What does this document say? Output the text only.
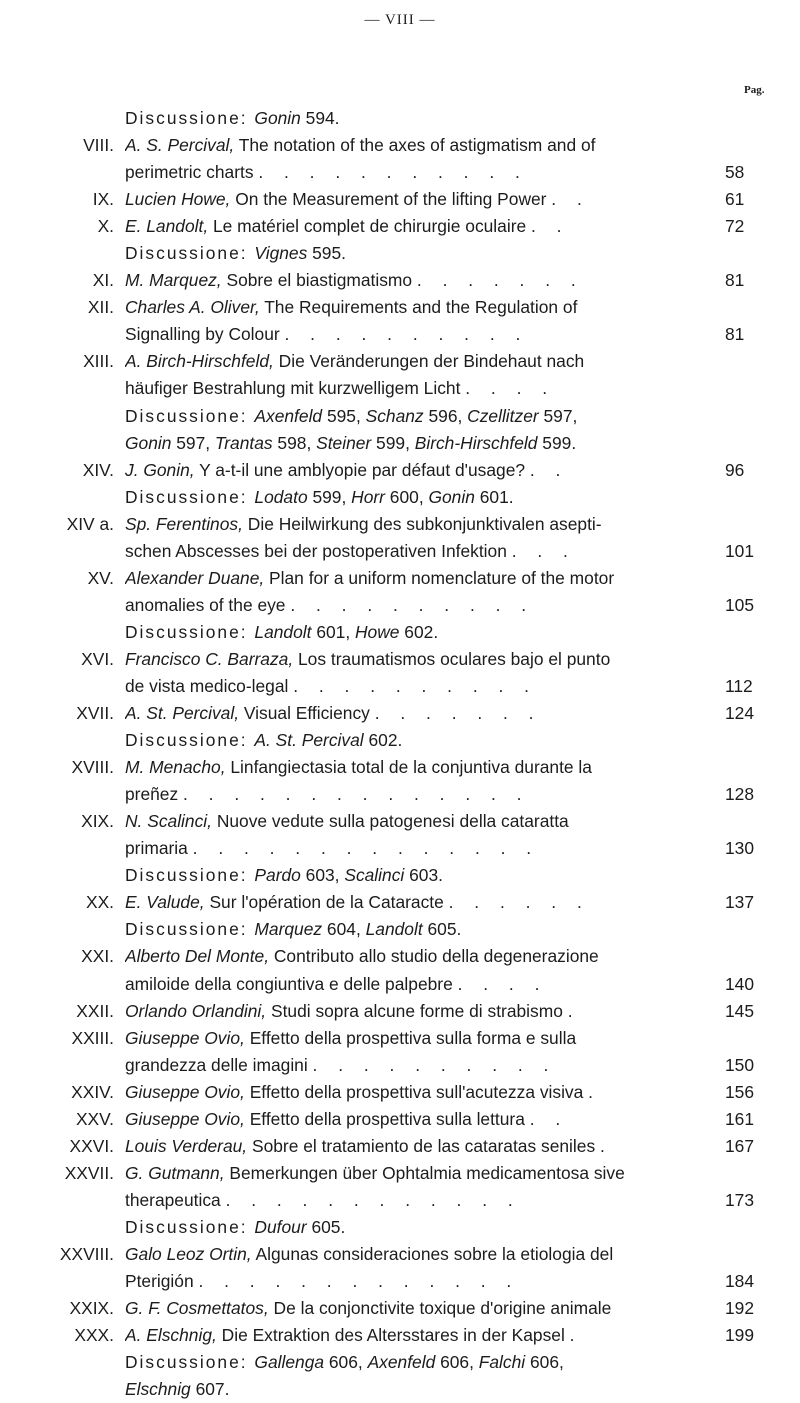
— VIII —
Pag.
Discussione: Gonin 594.
VIII. A. S. Percival, The notation of the axes of astigmatism and of
perimetric charts . . . . . . . . . . .	58
IX. Lucien Howe, On the Measurement of the lifting Power . .	61
X. E. Landolt, Le matériel complet de chirurgie oculaire . .	72
Discussione: Vignes 595.
XI. M. Marquez, Sobre el biastigmatismo . . . . . . .	81
XII. Charles A. Oliver, The Requirements and the Regulation of
Signalling by Colour . . . . . . . . . .	81
XIII. A. Birch-Hirschfeld, Die Veränderungen der Bindehaut nach
häufiger Bestrahlung mit kurzwelligem Licht . . . .
Discussione: Axenfeld 595, Schanz 596, Czellitzer 597,
Gonin 597, Trantas 598, Steiner 599, Birch-Hirschfeld 599.
XIV. J. Gonin, Y a-t-il une amblyopie par défaut d'usage? . .	96
Discussione: Lodato 599, Horr 600, Gonin 601.
XIV a. Sp. Ferentinos, Die Heilwirkung des subkonjunktivalen asepti-
schen Abscesses bei der postoperativen Infektion . . .	101
XV. Alexander Duane, Plan for a uniform nomenclature of the motor
anomalies of the eye . . . . . . . . . .	105
Discussione: Landolt 601, Howe 602.
XVI. Francisco C. Barraza, Los traumatismos oculares bajo el punto
de vista medico-legal . . . . . . . . . .	112
XVII. A. St. Percival, Visual Efficiency . . . . . . .	124
Discussione: A. St. Percival 602.
XVIII. M. Menacho, Linfangiectasia total de la conjuntiva durante la
preñez . . . . . . . . . . . . . .	128
XIX. N. Scalinci, Nuove vedute sulla patogenesi della cataratta
primaria . . . . . . . . . . . . . .	130
Discussione: Pardo 603, Scalinci 603.
XX. E. Valude, Sur l'opération de la Cataracte . . . . . .	137
Discussione: Marquez 604, Landolt 605.
XXI. Alberto Del Monte, Contributo allo studio della degenerazione
amiloide della congiuntiva e delle palpebre . . . .	140
XXII. Orlando Orlandini, Studi sopra alcune forme di strabismo .	145
XXIII. Giuseppe Ovio, Effetto della prospettiva sulla forma e sulla
grandezza delle imagini . . . . . . . . . .	150
XXIV. Giuseppe Ovio, Effetto della prospettiva sull'acutezza visiva .	156
XXV. Giuseppe Ovio, Effetto della prospettiva sulla lettura . .	161
XXVI. Louis Verderau, Sobre el tratamiento de las cataratas seniles .	167
XXVII. G. Gutmann, Bemerkungen über Ophtalmia medicamentosa sive
therapeutica . . . . . . . . . . . .	173
Discussione: Dufour 605.
XXVIII. Galo Leoz Ortin, Algunas consideraciones sobre la etiologia del
Pterigión . . . . . . . . . . . . .	184
XXIX. G. F. Cosmettatos, De la conjonctivite toxique d'origine animale	192
XXX. A. Elschnig, Die Extraktion des Altersstares in der Kapsel .	199
Discussione: Gallenga 606, Axenfeld 606, Falchi 606,
Elschnig 607.
